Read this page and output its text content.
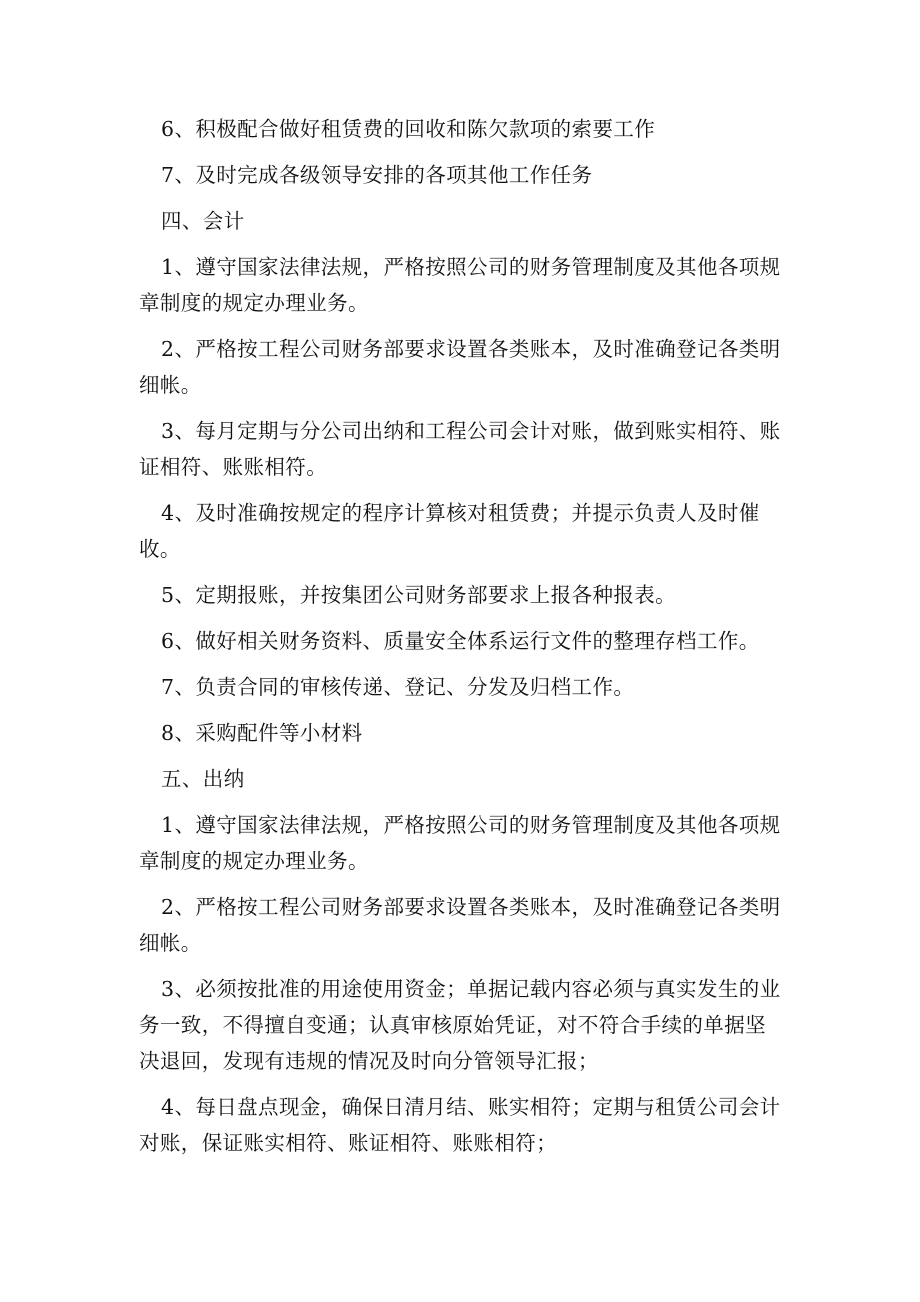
6、积极配合做好租赁费的回收和陈欠款项的索要工作

7、及时完成各级领导安排的各项其他工作任务

四、会计

1、遵守国家法律法规，严格按照公司的财务管理制度及其他各项规章制度的规定办理业务。

2、严格按工程公司财务部要求设置各类账本，及时准确登记各类明细帐。

3、每月定期与分公司出纳和工程公司会计对账，做到账实相符、账证相符、账账相符。

4、及时准确按规定的程序计算核对租赁费；并提示负责人及时催收。

5、定期报账，并按集团公司财务部要求上报各种报表。

6、做好相关财务资料、质量安全体系运行文件的整理存档工作。

7、负责合同的审核传递、登记、分发及归档工作。

8、采购配件等小材料

五、出纳

1、遵守国家法律法规，严格按照公司的财务管理制度及其他各项规章制度的规定办理业务。

2、严格按工程公司财务部要求设置各类账本，及时准确登记各类明细帐。

3、必须按批准的用途使用资金；单据记载内容必须与真实发生的业务一致，不得擅自变通；认真审核原始凭证，对不符合手续的单据坚决退回，发现有违规的情况及时向分管领导汇报；

4、每日盘点现金，确保日清月结、账实相符；定期与租赁公司会计对账，保证账实相符、账证相符、账账相符；
